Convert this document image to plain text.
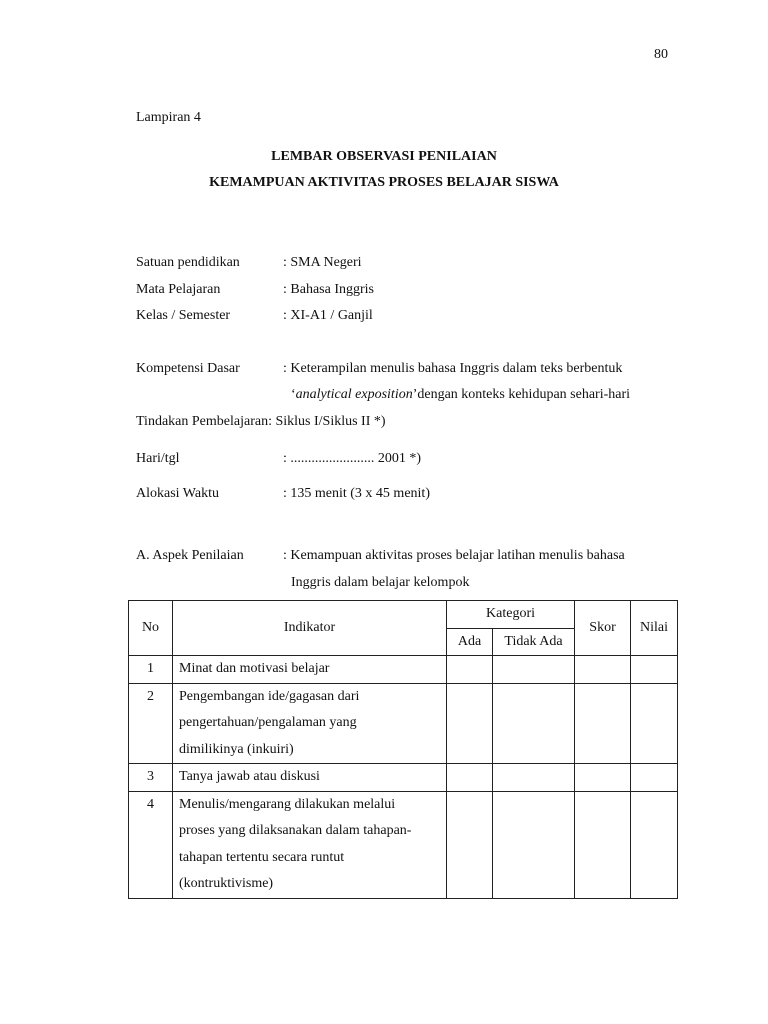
80
Lampiran 4
LEMBAR OBSERVASI PENILAIAN
KEMAMPUAN AKTIVITAS PROSES BELAJAR SISWA
Satuan pendidikan	: SMA Negeri
Mata Pelajaran	: Bahasa Inggris
Kelas / Semester	: XI-A1 / Ganjil
Kompetensi Dasar	: Keterampilan menulis bahasa Inggris dalam teks berbentuk
‘analytical exposition’dengan konteks kehidupan sehari-hari
Tindakan Pembelajaran: Siklus I/Siklus II *)
Hari/tgl	: ........................ 2001 *)
Alokasi Waktu	: 135 menit (3 x 45 menit)
A. Aspek Penilaian	: Kemampuan aktivitas proses belajar latihan menulis bahasa
Inggris dalam belajar kelompok
No	Indikator	Kategori		Skor	Nilai
		Ada	Tidak Ada		
1	Minat dan motivasi belajar				

2	Pengembangan ide/gagasan dari
pengertahuan/pengalaman yang
dimilikinya (inkuiri)				

3	Tanya jawab atau diskusi				

4	Menulis/mengarang dilakukan melalui
proses yang dilaksanakan dalam tahapan-
tahapan tertentu secara runtut
(kontruktivisme)				
